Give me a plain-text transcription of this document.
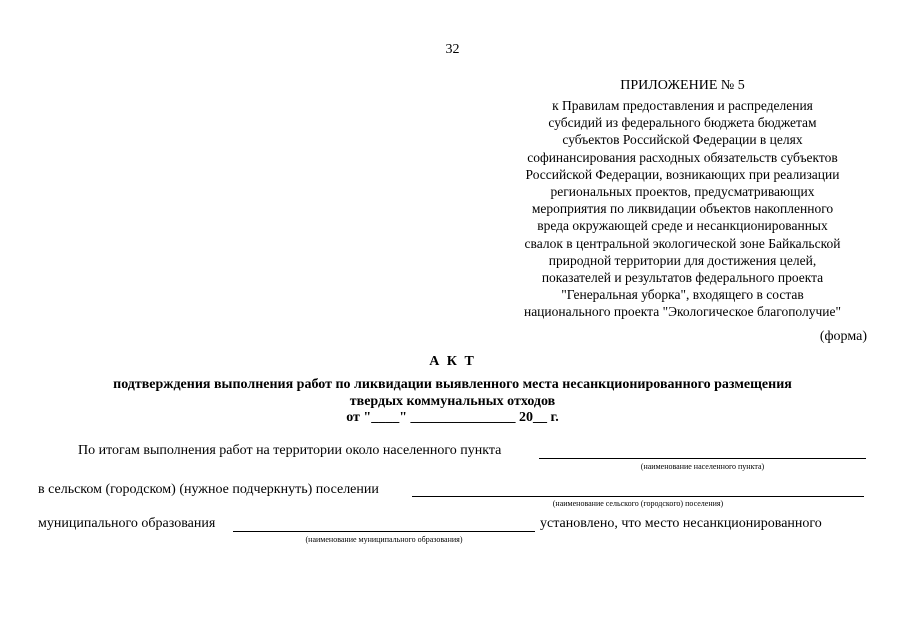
32
ПРИЛОЖЕНИЕ № 5
к Правилам предоставления и распределения
субсидий из федерального бюджета бюджетам
субъектов Российской Федерации в целях
софинансирования расходных обязательств субъектов
Российской Федерации, возникающих при реализации
региональных проектов, предусматривающих
мероприятия по ликвидации объектов накопленного
вреда окружающей среде и несанкционированных
свалок в центральной экологической зоне Байкальской
природной территории для достижения целей,
показателей и результатов федерального проекта
"Генеральная уборка", входящего в состав
национального проекта "Экологическое благополучие"
(форма)
А К Т
подтверждения выполнения работ по ликвидации выявленного места несанкционированного размещения
твердых коммунальных отходов
от "____" _______________ 20__ г.
По итогам выполнения работ на территории около населенного пункта
(наименование населенного пункта)
в сельском (городском) (нужное подчеркнуть) поселении
(наименование сельского (городского) поселения)
муниципального образования	установлено, что место несанкционированного
(наименование муниципального образования)
